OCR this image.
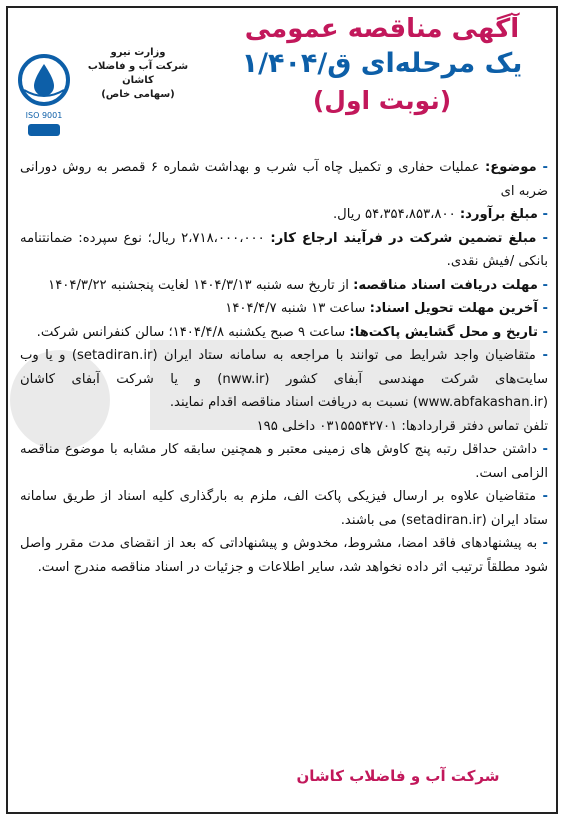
آگهی مناقصه عمومی
یک مرحله‌ای ق/۱/۴۰۴
(نوبت اول)
ISO 9001
وزارت نیرو
شرکت آب و فاضلاب کاشان
(سهامی خاص)

- موضوع: عملیات حفاری و تکمیل چاه آب شرب و بهداشت شماره ۶ قمصر به روش دورانی ضربه ای

- مبلغ برآورد: ۵۴،۳۵۴،۸۵۳،۸۰۰ ریال.

- مبلغ تضمین شرکت در فرآیند ارجاع کار: ۲،۷۱۸،۰۰۰،۰۰۰ ریال؛ نوع سپرده: ضمانتنامه بانکی /فیش نقدی.

- مهلت دریافت اسناد مناقصه: از تاریخ سه شنبه ۱۴۰۴/۳/۱۳ لغایت پنجشنبه ۱۴۰۴/۳/۲۲

- آخرین مهلت تحویل اسناد: ساعت ۱۳ شنبه ۱۴۰۴/۴/۷

- تاریخ و محل گشایش پاکت‌ها: ساعت ۹ صبح یکشنبه ۱۴۰۴/۴/۸؛ سالن کنفرانس شرکت.

- متقاضیان واجد شرایط می توانند با مراجعه به سامانه ستاد ایران (setadiran.ir) و یا وب سایت‌های شرکت مهندسی آبفای کشور (nww.ir) و یا شرکت آبفای کاشان (www.abfakashan.ir) نسبت به دریافت اسناد مناقصه اقدام نمایند.

تلفن تماس دفتر قراردادها: ۰۳۱۵۵۵۴۲۷۰۱ داخلی ۱۹۵

- داشتن حداقل رتبه پنج کاوش های زمینی معتبر و همچنین سابقه کار مشابه با موضوع مناقصه الزامی است.

- متقاضیان علاوه بر ارسال فیزیکی پاکت الف، ملزم به بارگذاری کلیه اسناد از طریق سامانه ستاد ایران (setadiran.ir) می باشند.

- به پیشنهادهای فاقد امضا، مشروط، مخدوش و پیشنهاداتی که بعد از انقضای مدت مقرر واصل شود مطلقاً ترتیب اثر داده نخواهد شد، سایر اطلاعات و جزئیات در اسناد مناقصه مندرج است.

شرکت آب و فاضلاب کاشان
